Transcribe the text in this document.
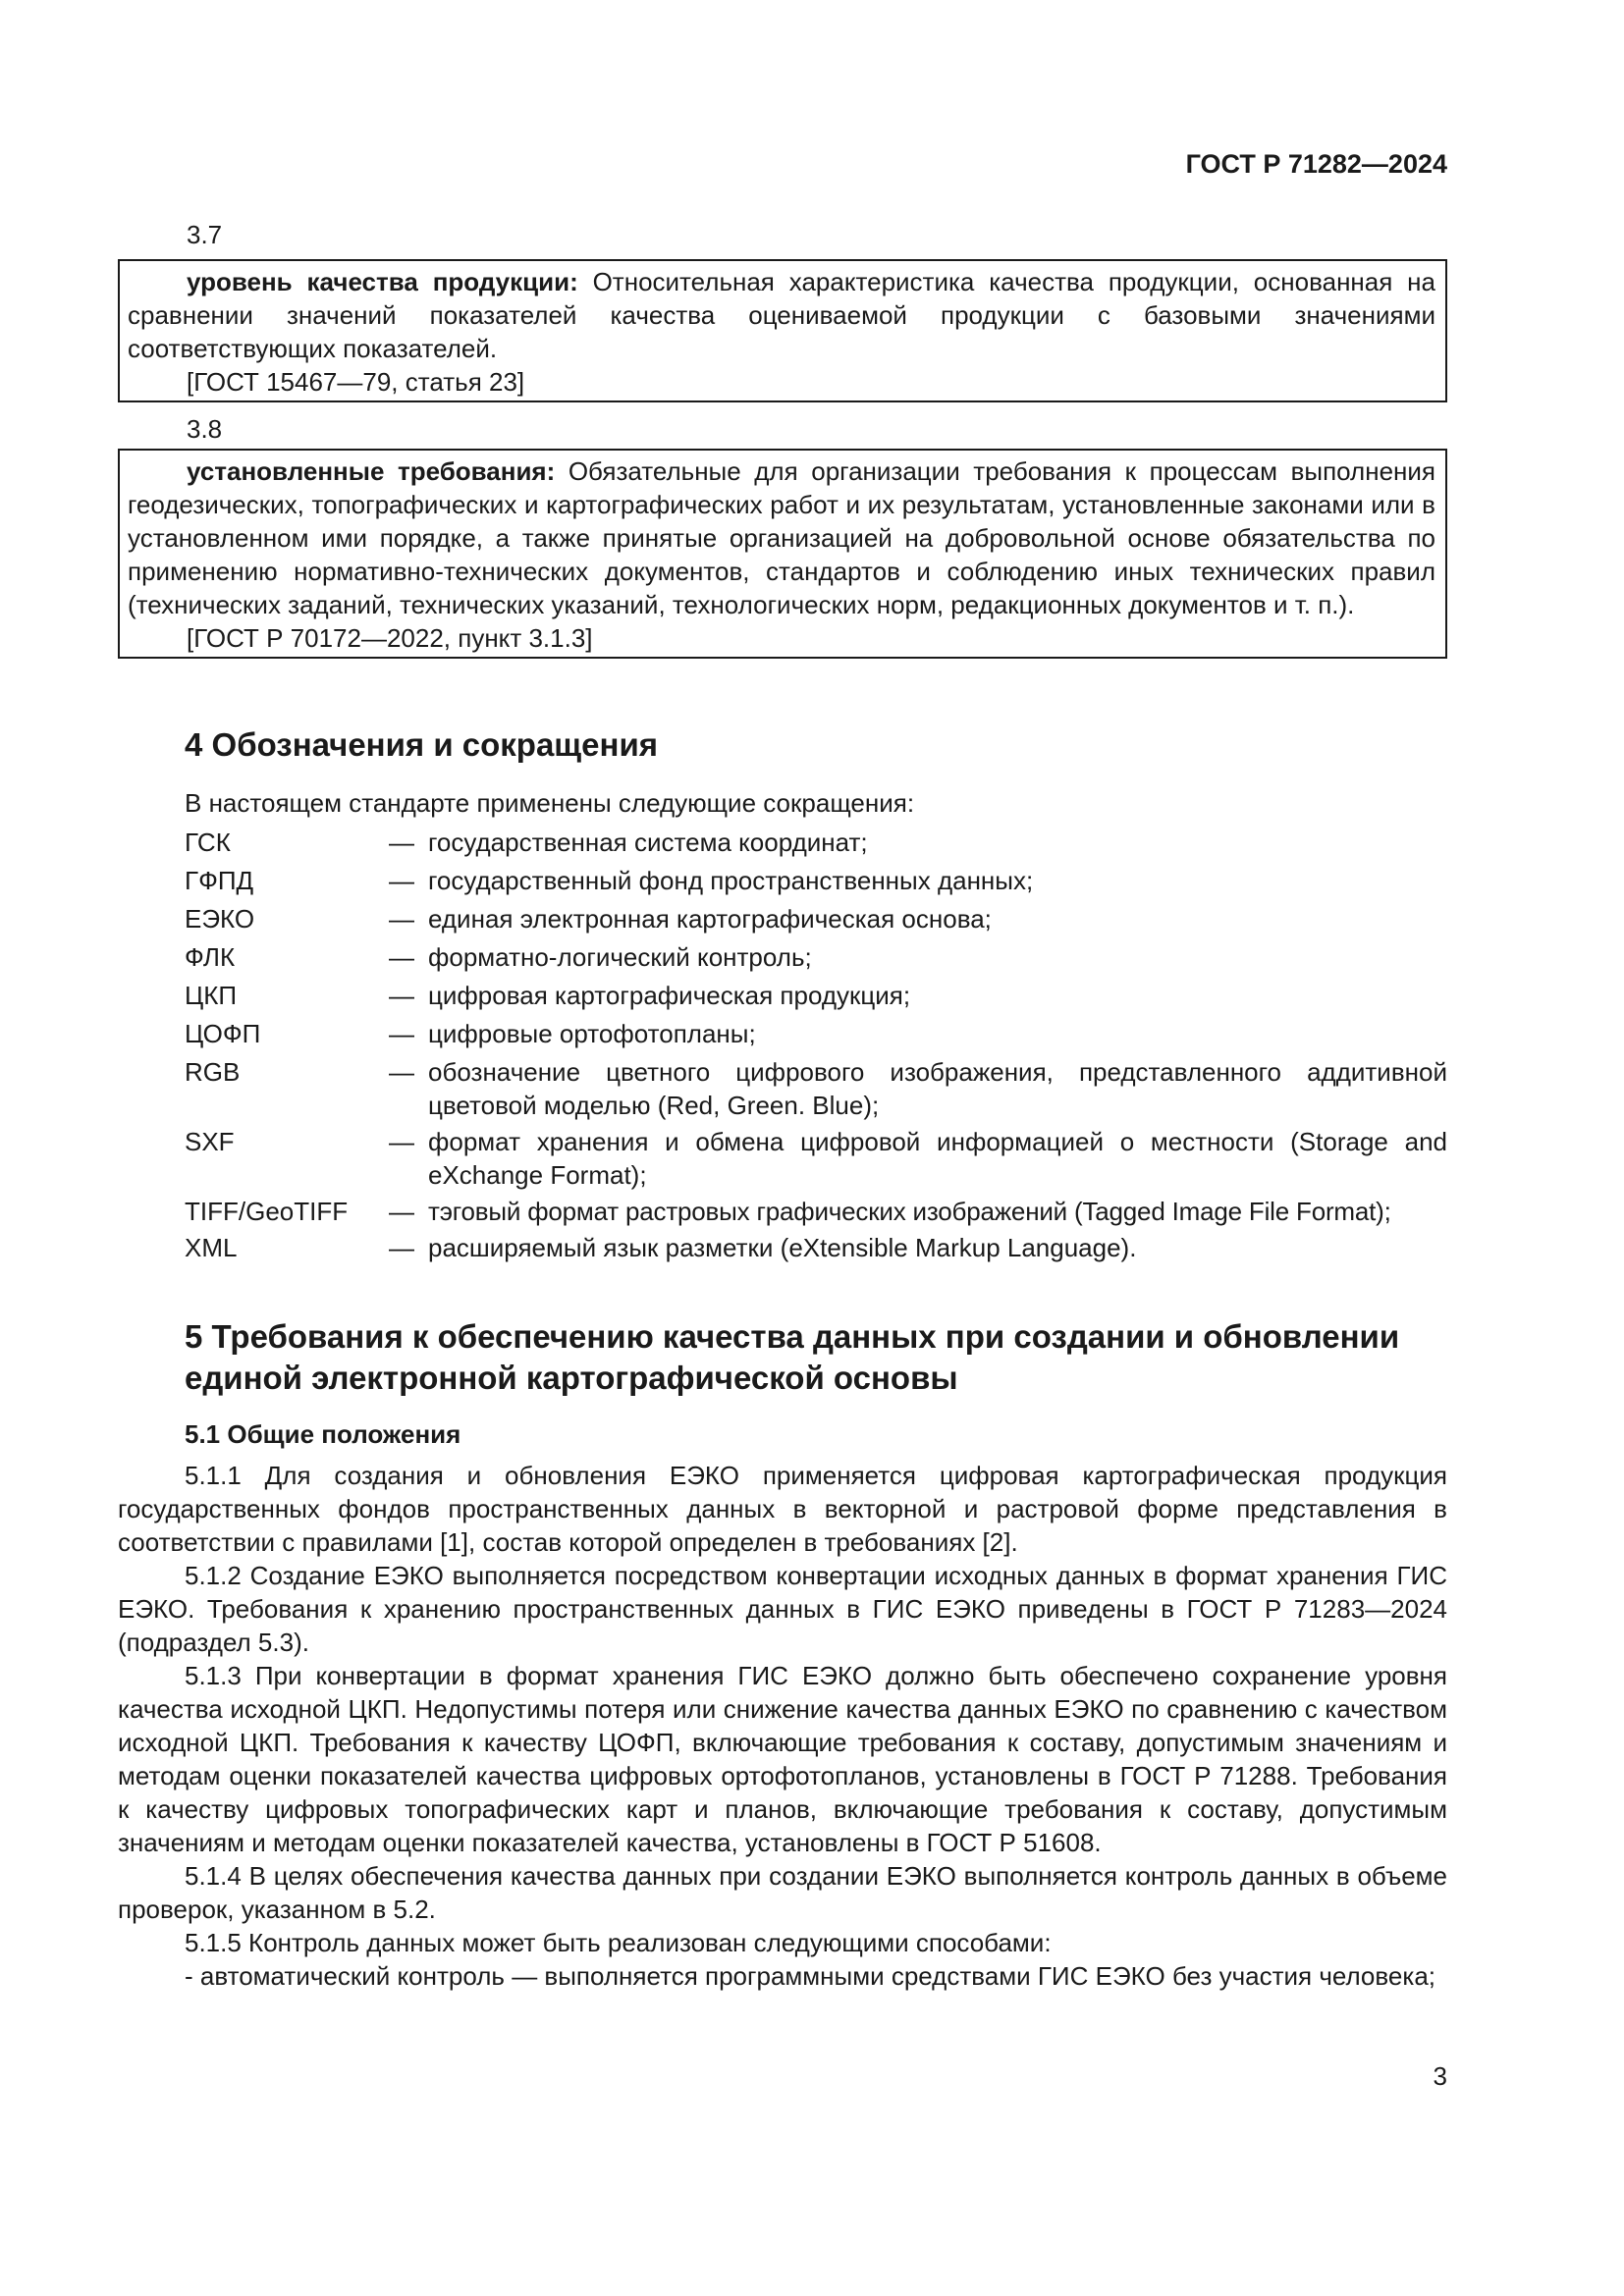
ГОСТ Р 71282—2024
3.7

уровень качества продукции: Относительная характеристика качества продукции, основанная на сравнении значений показателей качества оцениваемой продукции с базовыми значениями соответствующих показателей.

[ГОСТ 15467—79, статья 23]

3.8

установленные требования: Обязательные для организации требования к процессам выполнения геодезических, топографических и картографических работ и их результатам, установленные законами или в установленном ими порядке, а также принятые организацией на добровольной основе обязательства по применению нормативно-технических документов, стандартов и соблюдению иных технических правил (технических заданий, технических указаний, технологических норм, редакционных документов и т. п.).

[ГОСТ Р 70172—2022, пункт 3.1.3]

4 Обозначения и сокращения
В настоящем стандарте применены следующие сокращения:
ГСК	— государственная система координат;
ГФПД	— государственный фонд пространственных данных;
ЕЭКО	— единая электронная картографическая основа;
ФЛК	— форматно-логический контроль;
ЦКП	— цифровая картографическая продукция;
ЦОФП	— цифровые ортофотопланы;
RGB	— обозначение цветного цифрового изображения, представленного аддитивной цветовой моделью (Red, Green. Blue);
SXF	— формат хранения и обмена цифровой информацией о местности (Storage and eXchange Format);
TIFF/GeoTIFF	— тэговый формат растровых графических изображений (Tagged Image File Format);
XML	— расширяемый язык разметки (eXtensible Markup Language).
5 Требования к обеспечению качества данных при создании и обновлении единой электронной картографической основы
5.1 Общие положения

5.1.1 Для создания и обновления ЕЭКО применяется цифровая картографическая продукция государственных фондов пространственных данных в векторной и растровой форме представления в соответствии с правилами [1], состав которой определен в требованиях [2].

5.1.2 Создание ЕЭКО выполняется посредством конвертации исходных данных в формат хранения ГИС ЕЭКО. Требования к хранению пространственных данных в ГИС ЕЭКО приведены в ГОСТ Р 71283—2024 (подраздел 5.3).

5.1.3 При конвертации в формат хранения ГИС ЕЭКО должно быть обеспечено сохранение уровня качества исходной ЦКП. Недопустимы потеря или снижение качества данных ЕЭКО по сравнению с качеством исходной ЦКП. Требования к качеству ЦОФП, включающие требования к составу, допустимым значениям и методам оценки показателей качества цифровых ортофотопланов, установлены в ГОСТ Р 71288. Требования к качеству цифровых топографических карт и планов, включающие требования к составу, допустимым значениям и методам оценки показателей качества, установлены в ГОСТ Р 51608.

5.1.4 В целях обеспечения качества данных при создании ЕЭКО выполняется контроль данных в объеме проверок, указанном в 5.2.

5.1.5 Контроль данных может быть реализован следующими способами:

- автоматический контроль — выполняется программными средствами ГИС ЕЭКО без участия человека;

3
